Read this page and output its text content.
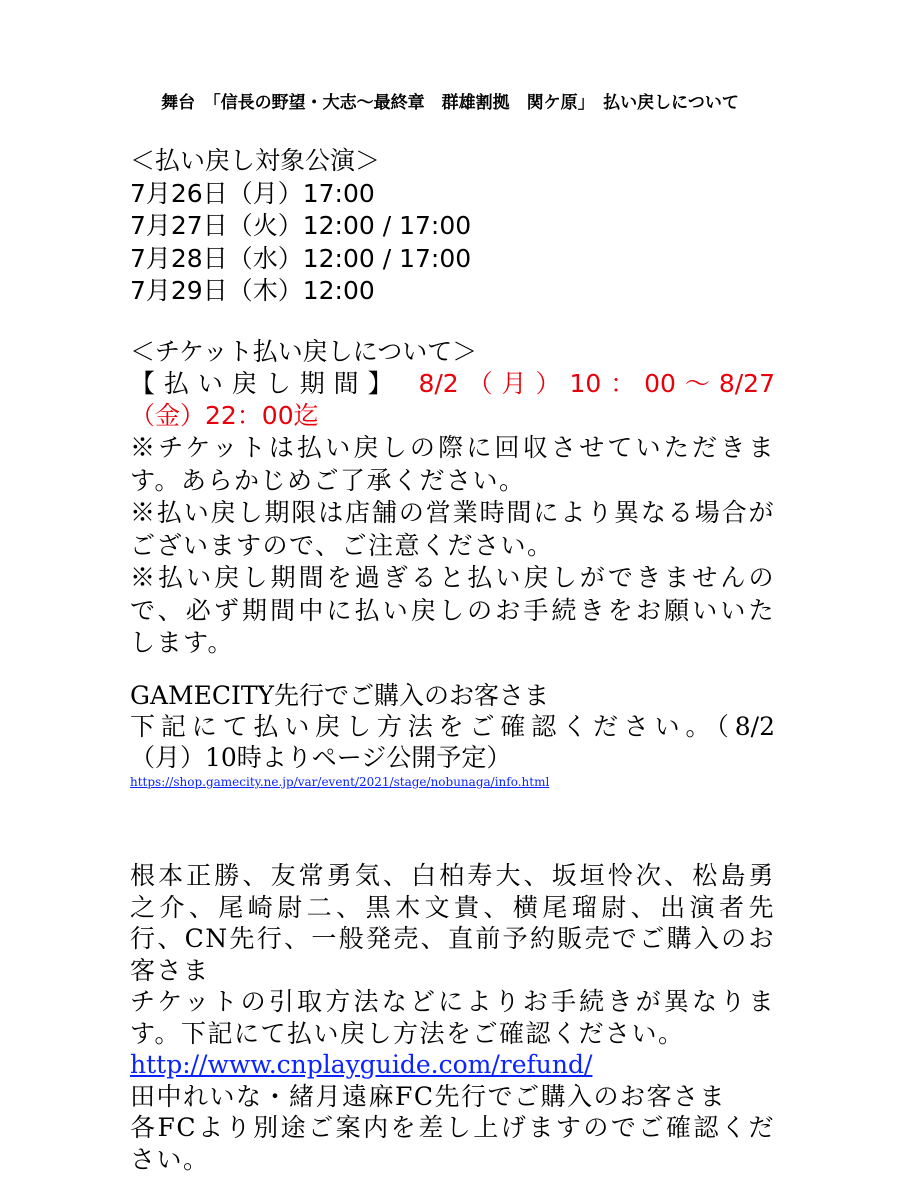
舞台　「信長の野望・大志〜最終章　群雄割拠　関ケ原」　払い戻しについて
＜払い戻し対象公演＞
7月26日（月）17:00
7月27日（火）12:00 / 17:00
7月28日（水）12:00 / 17:00
7月29日（木）12:00
＜チケット払い戻しについて＞
【払い戻し期間】 8/2（月）10：00〜8/27
（金）22：00迄
※チケットは払い戻しの際に回収させていただきま
す。あらかじめご了承ください。
※払い戻し期限は店舗の営業時間により異なる場合が
ございますので、ご注意ください。
※払い戻し期間を過ぎると払い戻しができませんの
で、必ず期間中に払い戻しのお手続きをお願いいた
します。
GAMECITY先行でご購入のお客さま
下記にて払い戻し方法をご確認ください。（8/2
（月）10時よりページ公開予定）
https://shop.gamecity.ne.jp/var/event/2021/stage/nobunaga/info.html
根本正勝、友常勇気、白柏寿大、坂垣怜次、松島勇
之介、尾崎尉二、黒木文貴、横尾瑠尉、出演者先
行、CN先行、一般発売、直前予約販売でご購入のお
客さま
チケットの引取方法などによりお手続きが異なりま
す。下記にて払い戻し方法をご確認ください。
http://www.cnplayguide.com/refund/
田中れいな・緒月遠麻FC先行でご購入のお客さま
各FCより別途ご案内を差し上げますのでご確認くだ
さい。
